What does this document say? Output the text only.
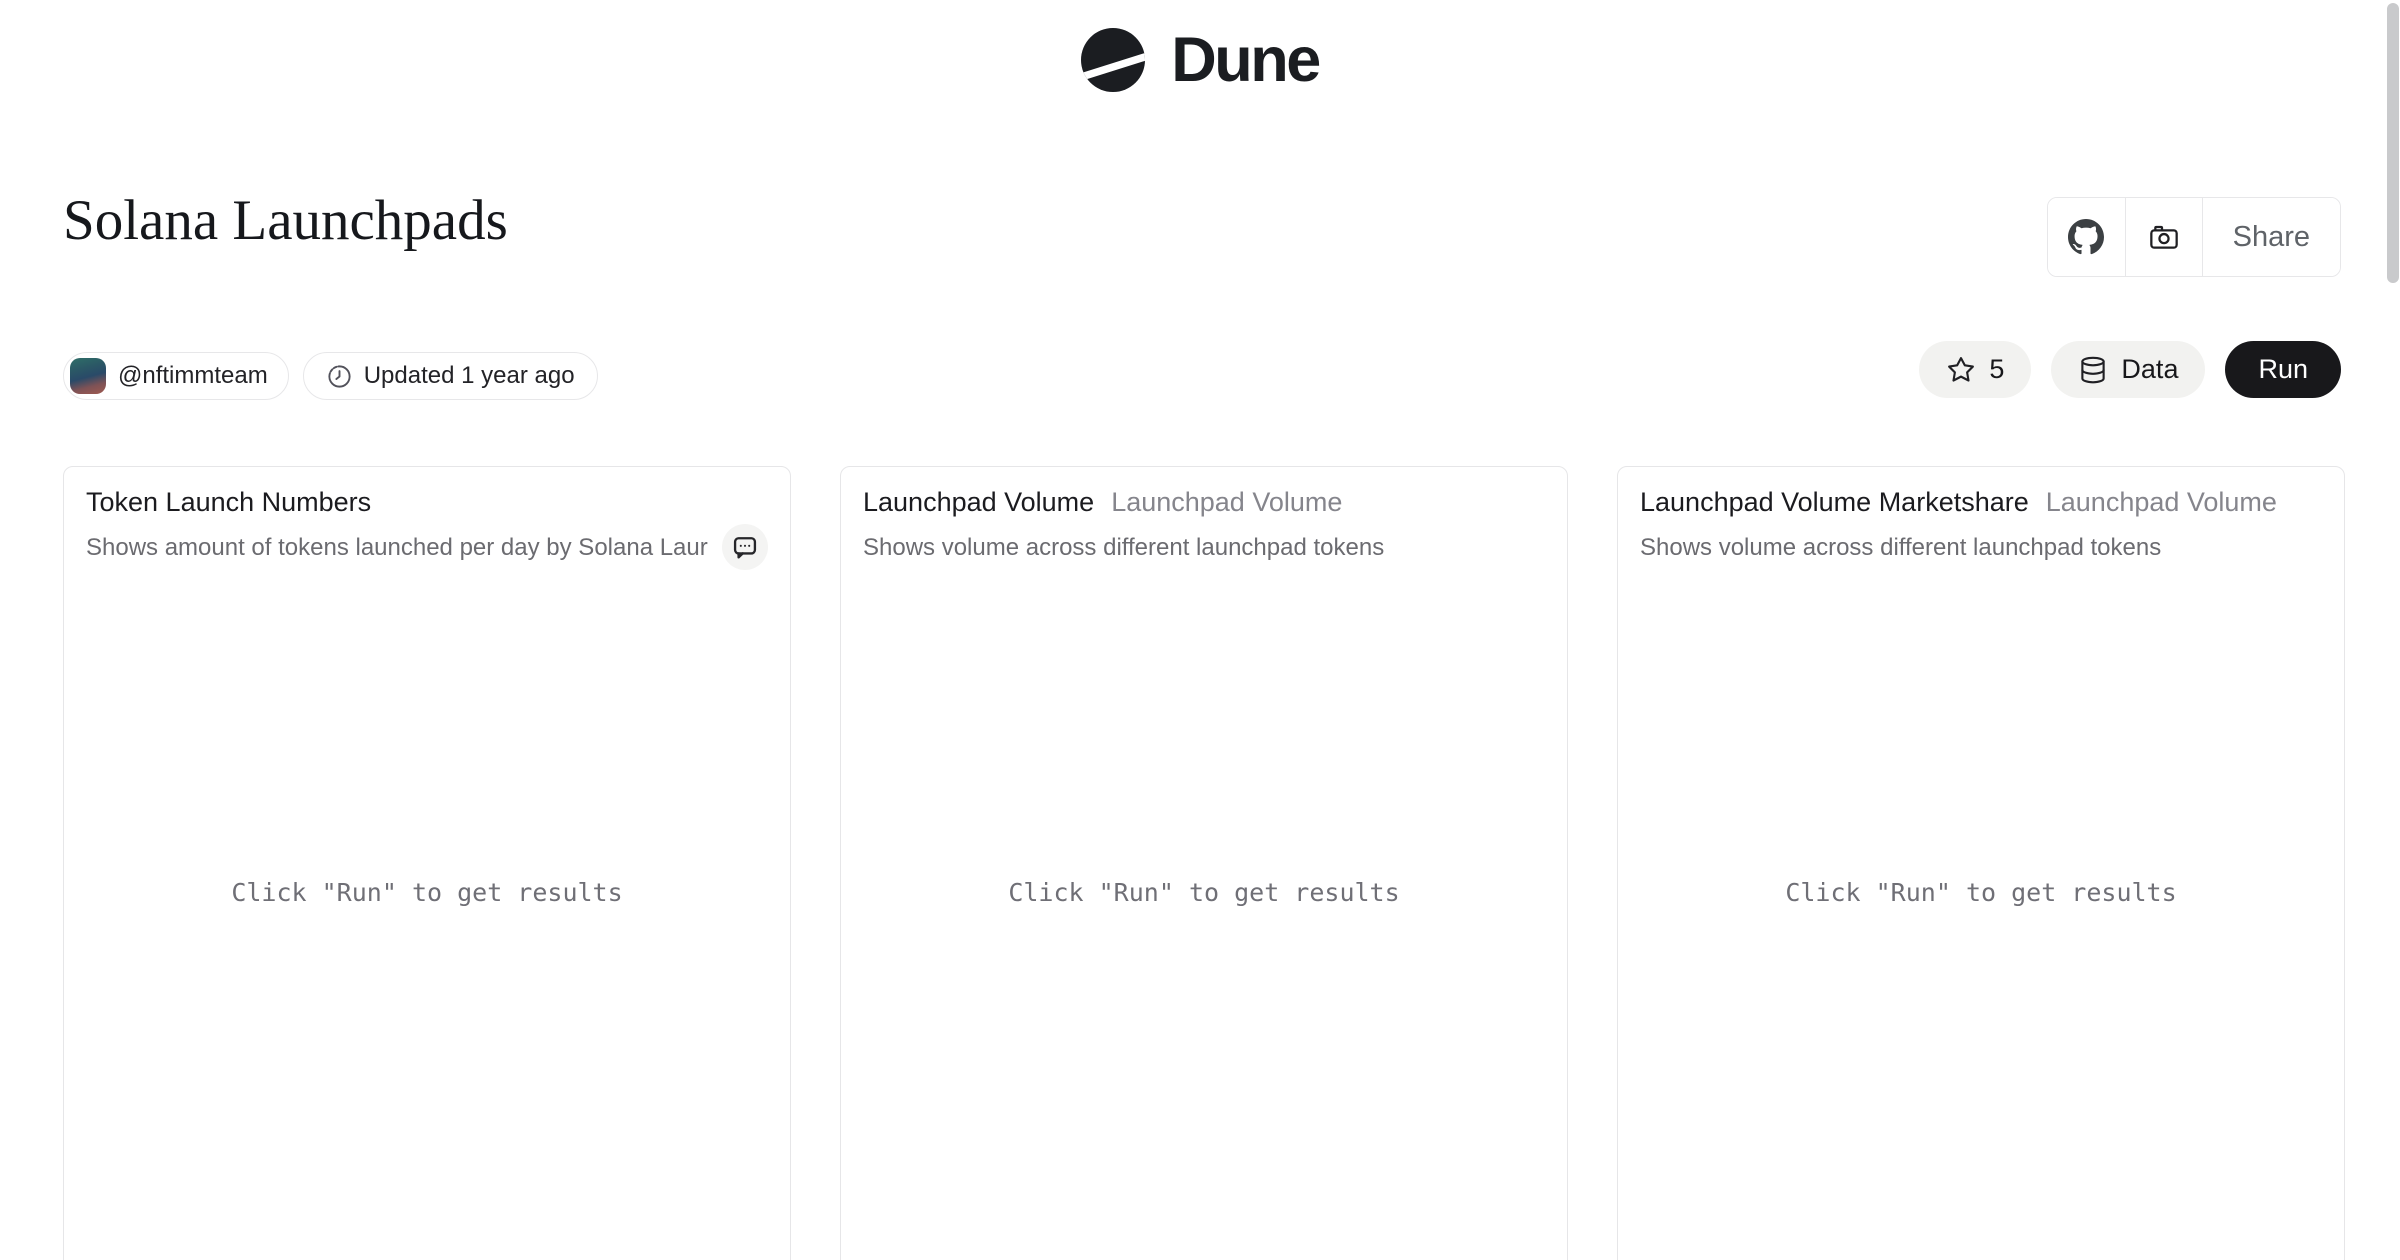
Dune
Solana Launchpads	Share
@nftimmteam	Updated 1 year ago	5	Data	Run
Token Launch Numbers
Shows amount of tokens launched per day by Solana Laur
Click "Run" to get results
Launchpad Volume Launchpad Volume
Shows volume across different launchpad tokens
Click "Run" to get results
Launchpad Volume Marketshare Launchpad Volume
Shows volume across different launchpad tokens
Click "Run" to get results
